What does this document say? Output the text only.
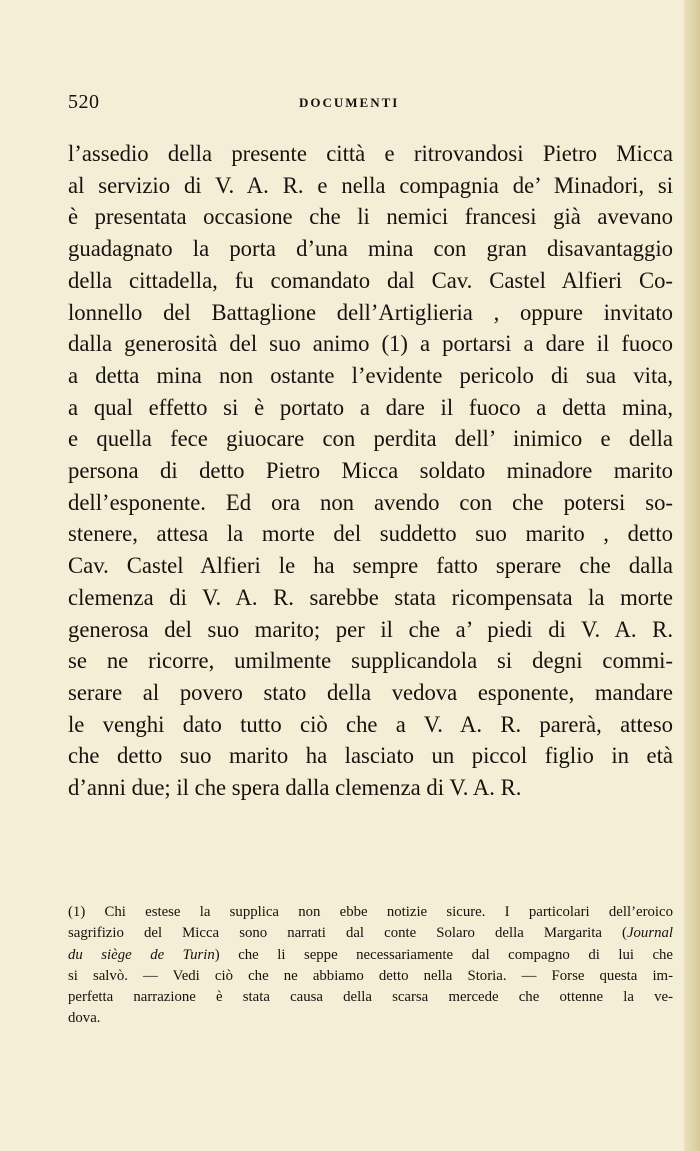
520	DOCUMENTI
l’assedio della presente città e ritrovandosi Pietro Micca
al servizio di V. A. R. e nella compagnia de’ Minadori, si
è presentata occasione che li nemici francesi già avevano
guadagnato la porta d’una mina con gran disavantaggio
della cittadella, fu comandato dal Cav. Castel Alfieri Co-
lonnello del Battaglione dell’Artiglieria , oppure invitato
dalla generosità del suo animo (1) a portarsi a dare il fuoco
a detta mina non ostante l’evidente pericolo di sua vita,
a qual effetto si è portato a dare il fuoco a detta mina,
e quella fece giuocare con perdita dell’ inimico e della
persona di detto Pietro Micca soldato minadore marito
dell’esponente. Ed ora non avendo con che potersi so-
stenere, attesa la morte del suddetto suo marito , detto
Cav. Castel Alfieri le ha sempre fatto sperare che dalla
clemenza di V. A. R. sarebbe stata ricompensata la morte
generosa del suo marito; per il che a’ piedi di V. A. R.
se ne ricorre, umilmente supplicandola si degni commi-
serare al povero stato della vedova esponente, mandare
le venghi dato tutto ciò che a V. A. R. parerà, atteso
che detto suo marito ha lasciato un piccol figlio in età
d’anni due; il che spera dalla clemenza di V. A. R.
(1) Chi estese la supplica non ebbe notizie sicure. I particolari dell’eroico
sagrifizio del Micca sono narrati dal conte Solaro della Margarita (Journal
du siège de Turin) che li seppe necessariamente dal compagno di lui che
si salvò. — Vedi ciò che ne abbiamo detto nella Storia. — Forse questa im-
perfetta narrazione è stata causa della scarsa mercede che ottenne la ve-
dova.
